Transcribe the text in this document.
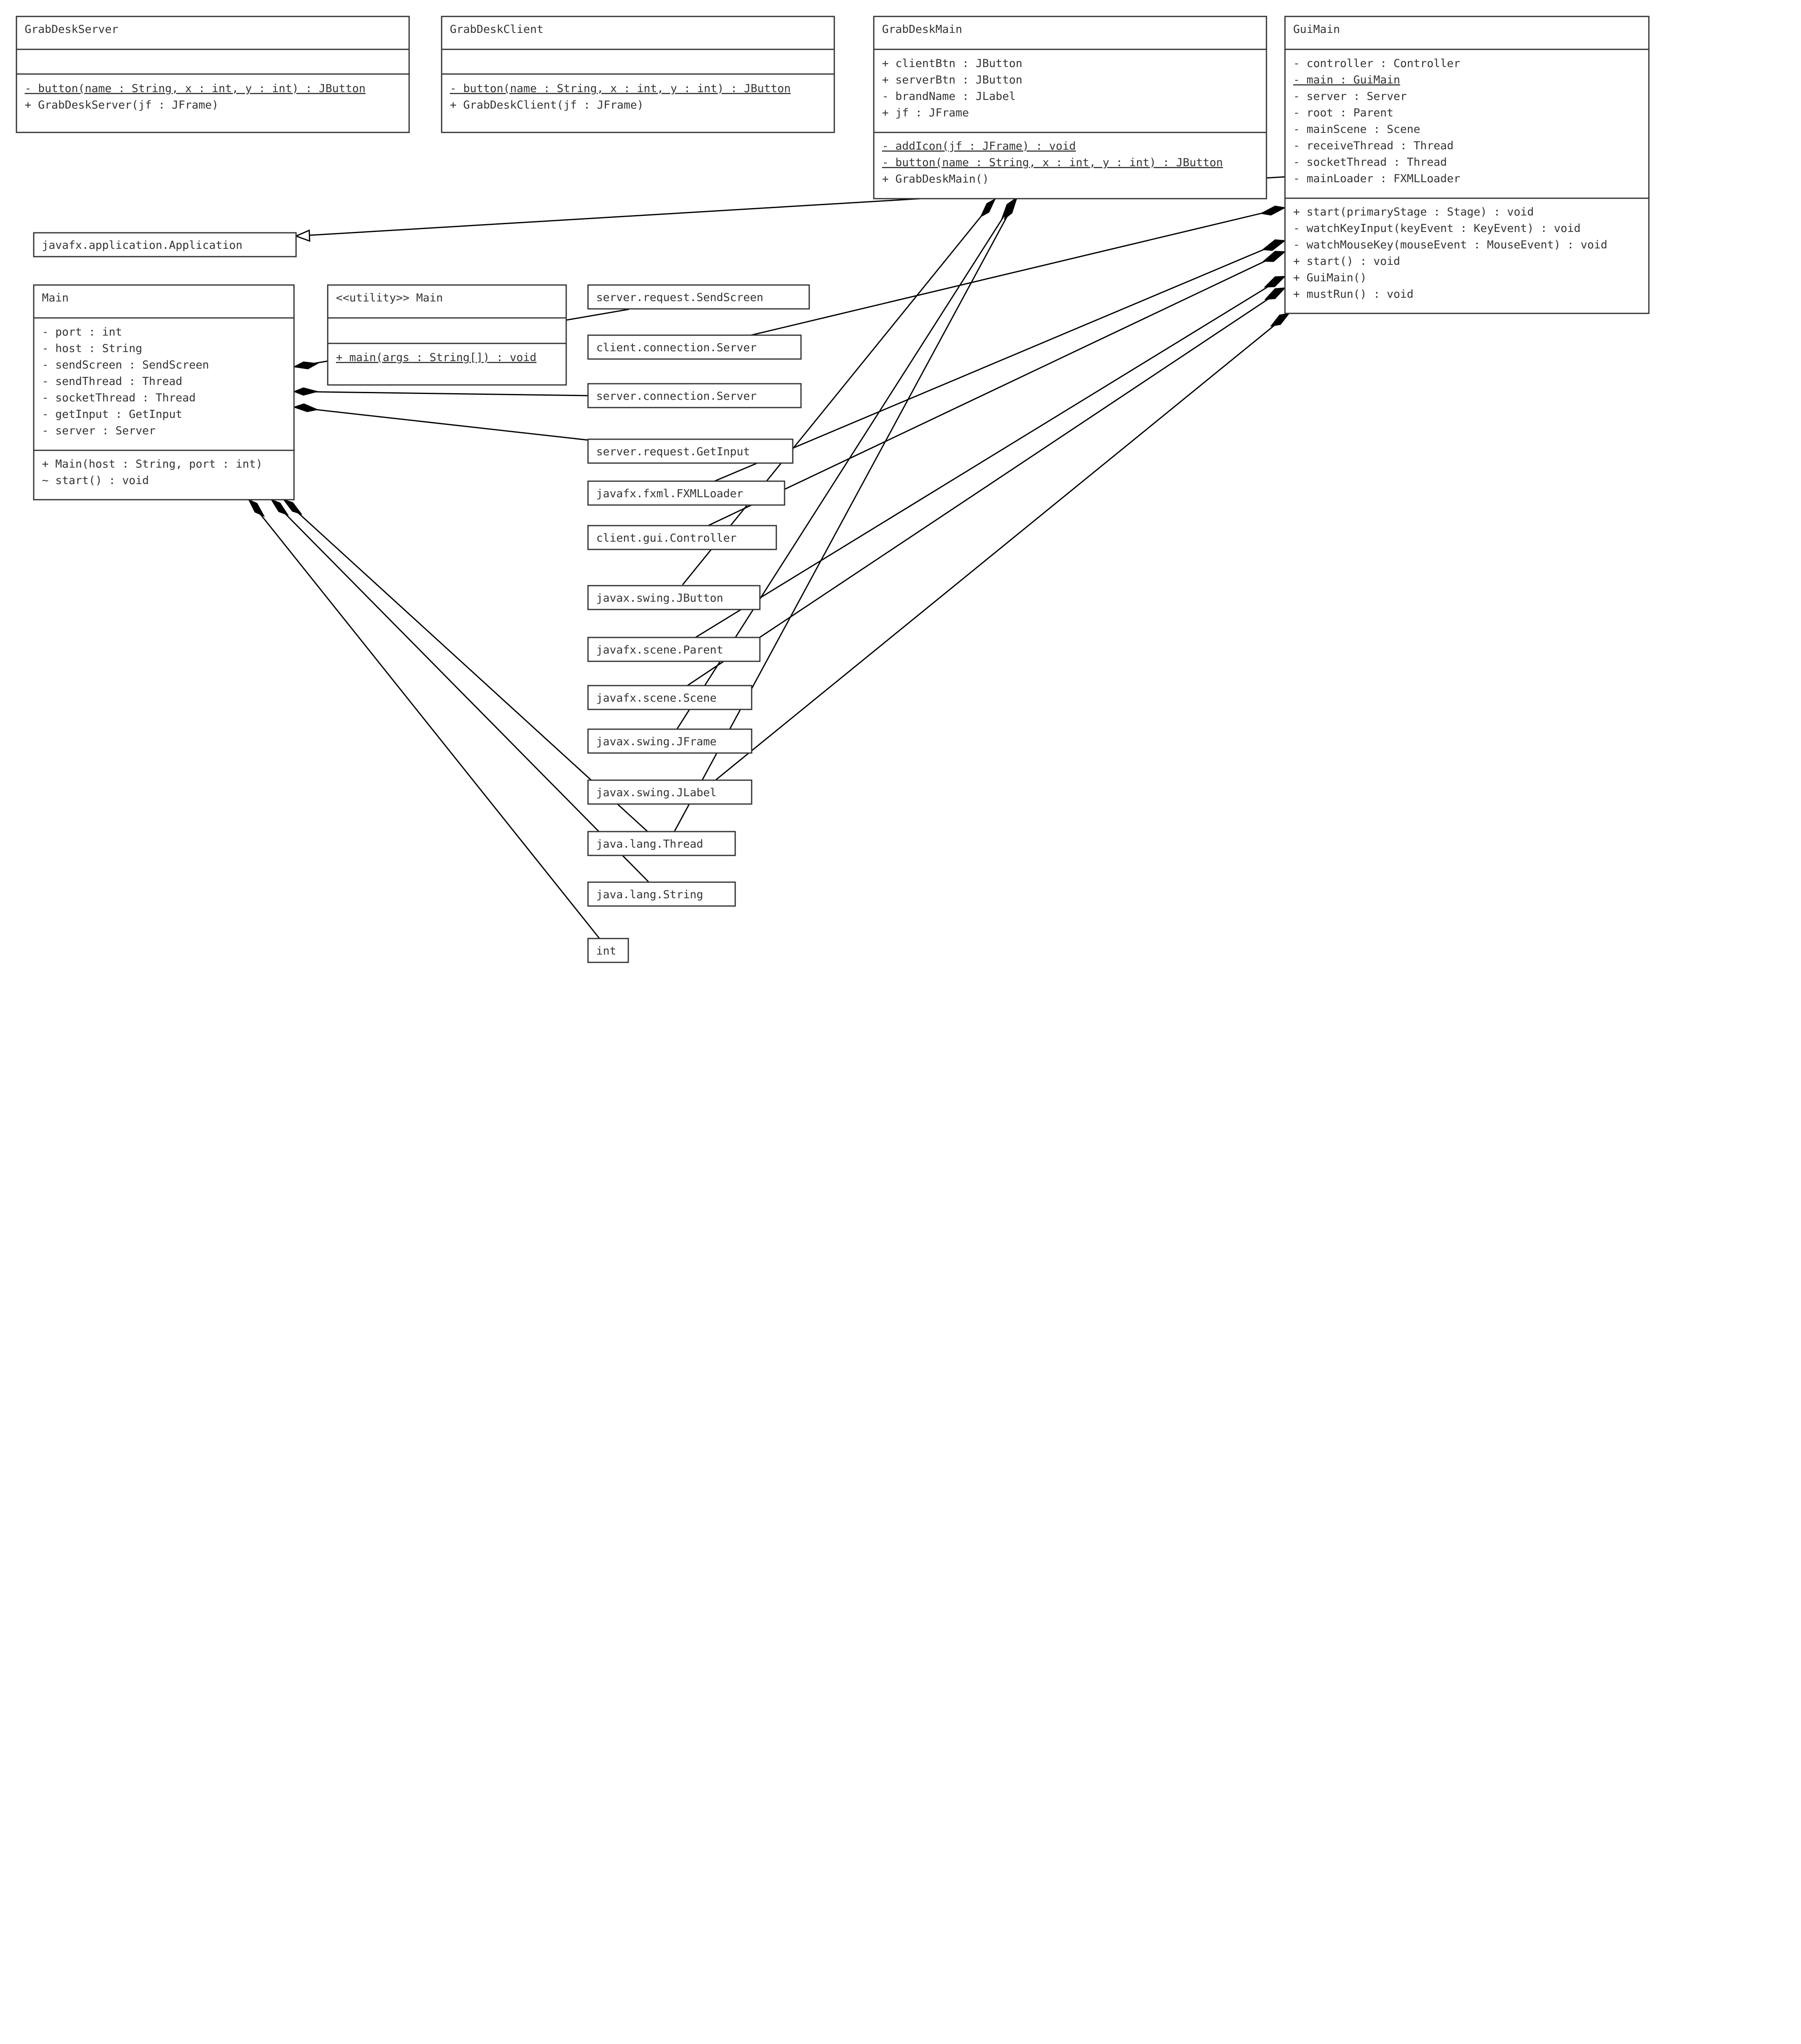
GrabDeskServer
- button(name : String, x : int, y : int) : JButton
+ GrabDeskServer(jf : JFrame)
GrabDeskClient
- button(name : String, x : int, y : int) : JButton
+ GrabDeskClient(jf : JFrame)
GrabDeskMain
+ clientBtn : JButton
+ serverBtn : JButton
- brandName : JLabel
+ jf : JFrame
- addIcon(jf : JFrame) : void
- button(name : String, x : int, y : int) : JButton
+ GrabDeskMain()
GuiMain
- controller : Controller
- main : GuiMain
- server : Server
- root : Parent
- mainScene : Scene
- receiveThread : Thread
- socketThread : Thread
- mainLoader : FXMLLoader
+ start(primaryStage : Stage) : void
- watchKeyInput(keyEvent : KeyEvent) : void
- watchMouseKey(mouseEvent : MouseEvent) : void
+ start() : void
+ GuiMain()
+ mustRun() : void
Main
- port : int
- host : String
- sendScreen : SendScreen
- sendThread : Thread
- socketThread : Thread
- getInput : GetInput
- server : Server
+ Main(host : String, port : int)
~ start() : void
<<utility>> Main
+ main(args : String[]) : void
javafx.application.Application
server.request.SendScreen
client.connection.Server
server.connection.Server
server.request.GetInput
javafx.fxml.FXMLLoader
client.gui.Controller
javax.swing.JButton
javafx.scene.Parent
javafx.scene.Scene
javax.swing.JFrame
javax.swing.JLabel
java.lang.Thread
java.lang.String
int
